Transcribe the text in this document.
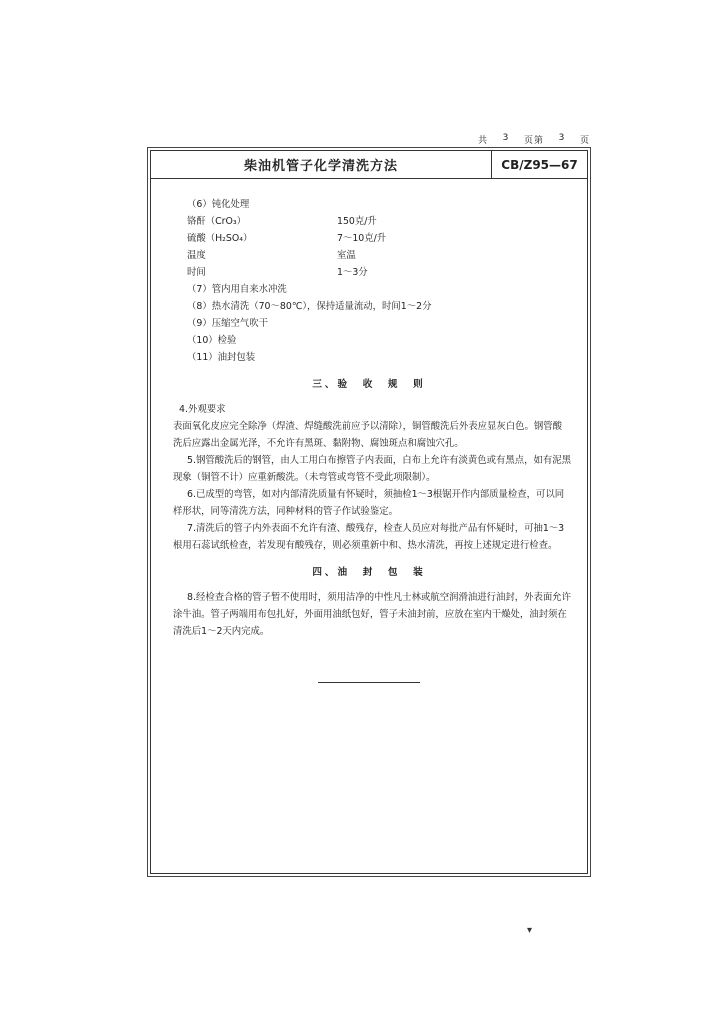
共 3 页第 3 页
柴油机管子化学清洗方法	CB/Z95—67
（6）钝化处理
铬酐（CrO₃）	150克/升
硫酸（H₂SO₄）	7～10克/升
温度	室温
时间	1～3分
（7）管内用自来水冲洗
（8）热水清洗（70～80℃），保持适量流动，时间1～2分
（9）压缩空气吹干
（10）检验
（11）油封包装
三、验　收　规　则
4.外观要求

表面氧化皮应完全除净（焊渣、焊缝酸洗前应予以清除），铜管酸洗后外表应显灰白色。钢管酸洗后应露出金属光泽，不允许有黑斑、黏附物、腐蚀斑点和腐蚀穴孔。

5.钢管酸洗后的钢管，由人工用白布擦管子内表面，白布上允许有淡黄色或有黑点，如有泥黑现象（铜管不计）应重新酸洗。（未弯管或弯管不受此项限制）。

6.已成型的弯管，如对内部清洗质量有怀疑时，须抽检1～3根锯开作内部质量检查，可以同样形状，同等清洗方法，同种材料的管子作试验鉴定。

7.清洗后的管子内外表面不允许有渣、酸残存，检查人员应对每批产品有怀疑时，可抽1～3根用石蕊试纸检查，若发现有酸残存，则必须重新中和、热水清洗，再按上述规定进行检查。

四、油　封　包　装

8.经检查合格的管子暂不使用时，须用洁净的中性凡士林或航空润滑油进行油封，外表面允许涂牛油。管子两端用布包扎好，外面用油纸包好，管子未油封前，应放在室内干燥处，油封须在清洗后1～2天内完成。

▾
